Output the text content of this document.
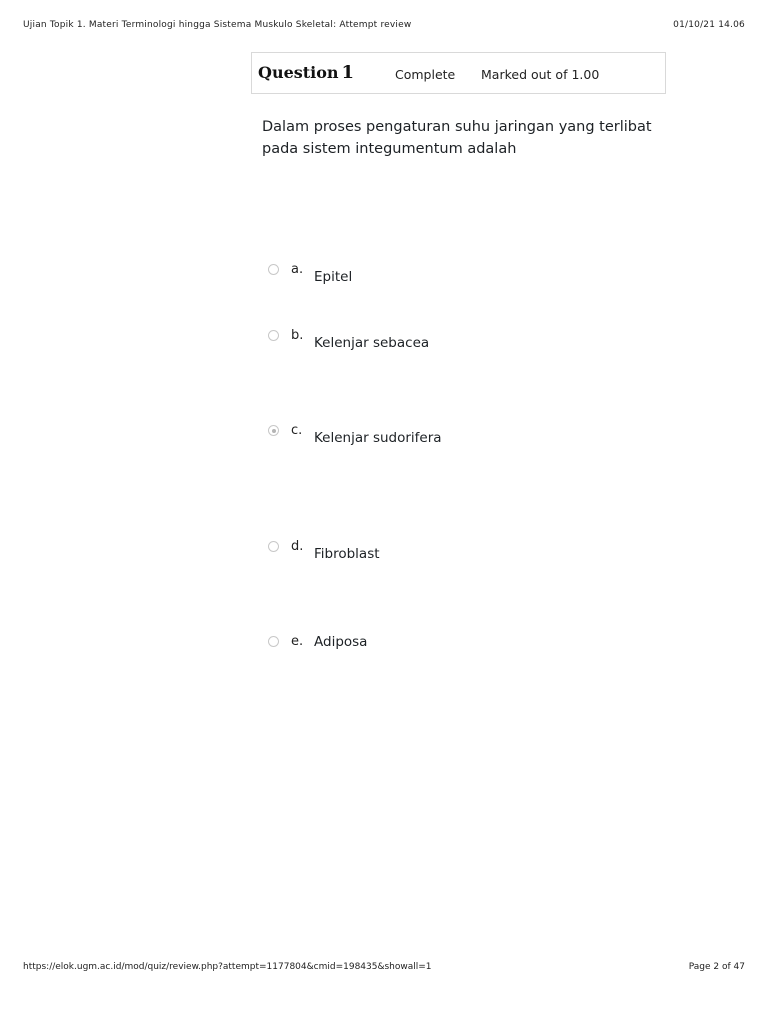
Ujian Topik 1. Materi Terminologi hingga Sistema Muskulo Skeletal: Attempt review	01/10/21 14.06
Question 1	Complete Marked out of 1.00
Dalam proses pengaturan suhu jaringan yang terlibat pada sistem integumentum adalah
a. Epitel
b. Kelenjar sebacea
c. Kelenjar sudorifera
d. Fibroblast
e. Adiposa
https://elok.ugm.ac.id/mod/quiz/review.php?attempt=1177804&cmid=198435&showall=1	Page 2 of 47
